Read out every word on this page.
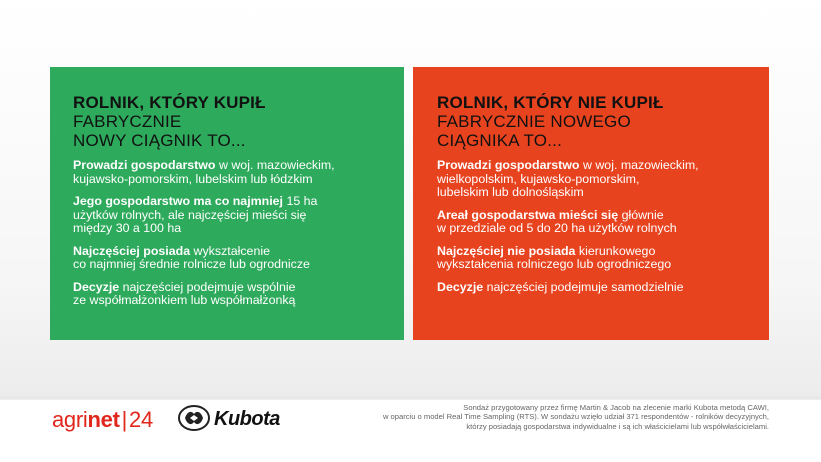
ROLNIK, KTÓRY KUPIŁ
FABRYCZNIE
NOWY CIĄGNIK TO...
Prowadzi gospodarstwo w woj. mazowieckim,
kujawsko-pomorskim, lubelskim lub łódzkim
Jego gospodarstwo ma co najmniej 15 ha
użytków rolnych, ale najczęściej mieści się
między 30 a 100 ha
Najczęściej posiada wykształcenie
co najmniej średnie rolnicze lub ogrodnicze
Decyzje najczęściej podejmuje wspólnie
ze współmałżonkiem lub współmałżonką
ROLNIK, KTÓRY NIE KUPIŁ
FABRYCZNIE NOWEGO
CIĄGNIKA TO...
Prowadzi gospodarstwo w woj. mazowieckim,
wielkopolskim, kujawsko-pomorskim,
lubelskim lub dolnośląskim
Areał gospodarstwa mieści się głównie
w przedziale od 5 do 20 ha użytków rolnych
Najczęściej nie posiada kierunkowego
wykształcenia rolniczego lub ogrodniczego
Decyzje najczęściej podejmuje samodzielnie
agrinet|24	Kubota
Sondaż przygotowany przez firmę Martin & Jacob na zlecenie marki Kubota metodą CAWI,
w oparciu o model Real Time Sampling (RTS). W sondażu wzięło udział 371 respondentów - rolników decyzyjnych,
którzy posiadają gospodarstwa indywidualne i są ich właścicielami lub współwłaścicielami.
